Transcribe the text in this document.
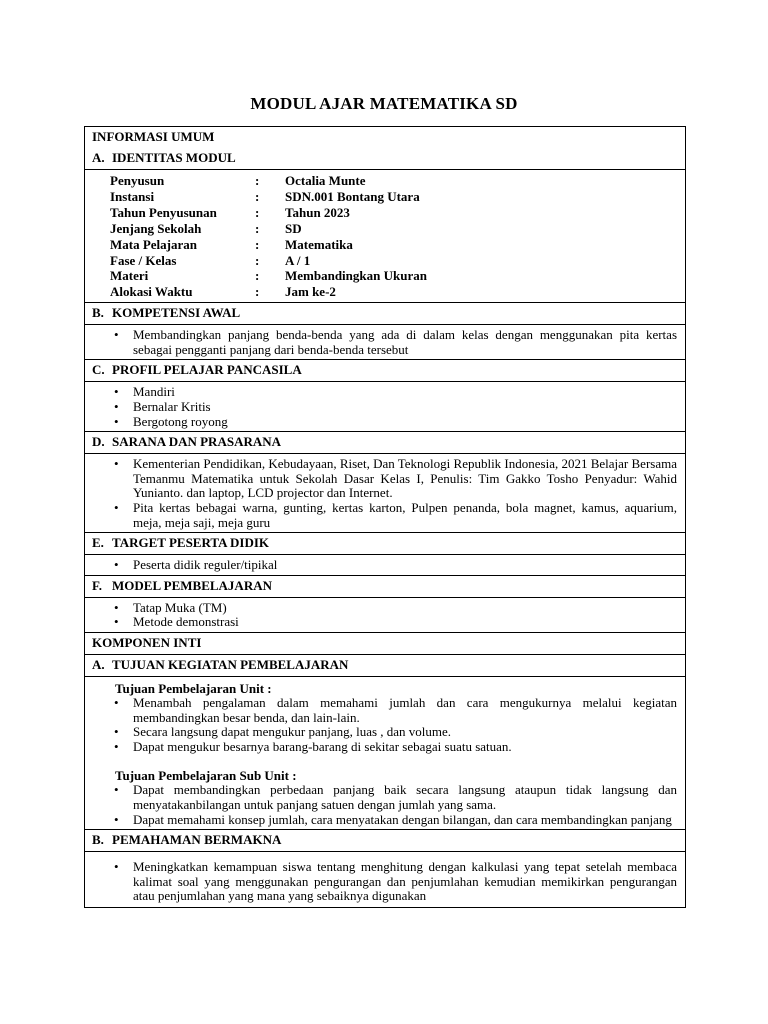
MODUL AJAR MATEMATIKA SD
INFORMASI UMUM
A. IDENTITAS MODUL
Penyusun	:	Octalia Munte
Instansi	:	SDN.001 Bontang Utara
Tahun Penyusunan	:	Tahun 2023
Jenjang Sekolah	:	SD
Mata Pelajaran	:	Matematika
Fase / Kelas	:	A / 1
Materi	:	Membandingkan Ukuran
Alokasi Waktu	:	Jam ke-2
B. KOMPETENSI AWAL
• Membandingkan panjang benda-benda yang ada di dalam kelas dengan menggunakan pita kertas sebagai pengganti panjang dari benda-benda tersebut
C. PROFIL PELAJAR PANCASILA
• Mandiri
• Bernalar Kritis
• Bergotong royong
D. SARANA DAN PRASARANA
• Kementerian Pendidikan, Kebudayaan, Riset, Dan Teknologi Republik Indonesia, 2021 Belajar Bersama Temanmu Matematika untuk Sekolah Dasar Kelas I, Penulis: Tim Gakko Tosho Penyadur: Wahid Yunianto. dan laptop, LCD projector dan Internet.
• Pita kertas bebagai warna, gunting, kertas karton, Pulpen penanda, bola magnet, kamus, aquarium, meja, meja saji, meja guru
E. TARGET PESERTA DIDIK
• Peserta didik reguler/tipikal
F. MODEL PEMBELAJARAN
• Tatap Muka (TM)
• Metode demonstrasi
KOMPONEN INTI
A. TUJUAN KEGIATAN PEMBELAJARAN
Tujuan Pembelajaran Unit :
• Menambah pengalaman dalam memahami jumlah dan cara mengukurnya melalui kegiatan membandingkan besar benda, dan lain-lain.
• Secara langsung dapat mengukur panjang, luas , dan volume.
• Dapat mengukur besarnya barang-barang di sekitar sebagai suatu satuan.
Tujuan Pembelajaran Sub Unit :
• Dapat membandingkan perbedaan panjang baik secara langsung ataupun tidak langsung dan menyatakanbilangan untuk panjang satuen dengan jumlah yang sama.
• Dapat memahami konsep jumlah, cara menyatakan dengan bilangan, dan cara membandingkan panjang
B. PEMAHAMAN BERMAKNA
• Meningkatkan kemampuan siswa tentang menghitung dengan kalkulasi yang tepat setelah membaca kalimat soal yang menggunakan pengurangan dan penjumlahan kemudian memikirkan pengurangan atau penjumlahan yang mana yang sebaiknya digunakan
